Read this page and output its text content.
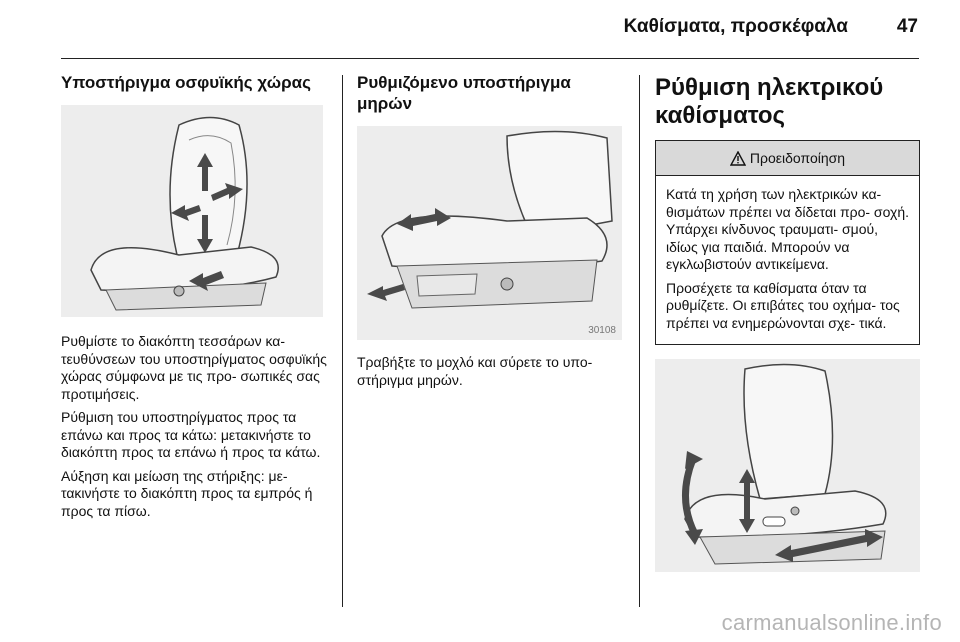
Καθίσματα, προσκέφαλα	47
Υποστήριγμα οσφυϊκής χώρας

Ρυθμίστε το διακόπτη τεσσάρων κα- τευθύνσεων του υποστηρίγματος οσφυϊκής χώρας σύμφωνα με τις προ- σωπικές σας προτιμήσεις.

Ρύθμιση του υποστηρίγματος προς τα επάνω και προς τα κάτω: μετακινήστε το διακόπτη προς τα επάνω ή προς τα κάτω.

Αύξηση και μείωση της στήριξης: με- τακινήστε το διακόπτη προς τα εμπρός ή προς τα πίσω.

Ρυθμιζόμενο υποστήριγμα μηρών
30108

Τραβήξτε το μοχλό και σύρετε το υπο- στήριγμα μηρών.

Ρύθμιση ηλεκτρικού καθίσματος
Προειδοποίηση

Κατά τη χρήση των ηλεκτρικών κα- θισμάτων πρέπει να δίδεται προ- σοχή. Υπάρχει κίνδυνος τραυματι- σμού, ιδίως για παιδιά. Μπορούν να εγκλωβιστούν αντικείμενα.

Προσέχετε τα καθίσματα όταν τα ρυθμίζετε. Οι επιβάτες του οχήμα- τος πρέπει να ενημερώνονται σχε- τικά.

carmanualsonline.info
